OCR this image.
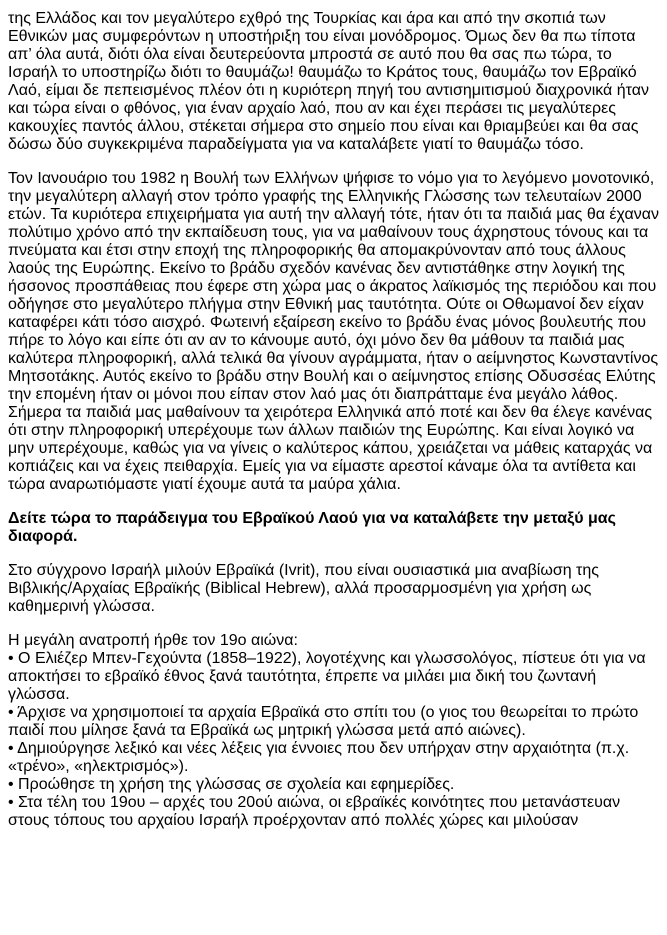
της Ελλάδος και τον μεγαλύτερο εχθρό της Τουρκίας και άρα και από την σκοπιά των Εθνικών μας συμφερόντων η υποστήριξη του είναι μονόδρομος. Όμως δεν θα πω τίποτα απ’ όλα αυτά, διότι όλα είναι δευτερεύοντα μπροστά σε αυτό που θα σας πω τώρα, το Ισραήλ το υποστηρίζω διότι το θαυμάζω! θαυμάζω το Κράτος τους, θαυμάζω τον Εβραϊκό Λαό, είμαι δε πεπεισμένος πλέον ότι η κυριότερη πηγή του αντισημιτισμού διαχρονικά ήταν και τώρα είναι ο φθόνος, για έναν αρχαίο λαό, που αν και έχει περάσει τις μεγαλύτερες κακουχίες παντός άλλου, στέκεται σήμερα στο σημείο που είναι και θριαμβεύει και θα σας δώσω δύο συγκεκριμένα παραδείγματα για να καταλάβετε γιατί το θαυμάζω τόσο.

Τον Ιανουάριο του 1982 η Βουλή των Ελλήνων ψήφισε το νόμο για το λεγόμενο μονοτονικό, την μεγαλύτερη αλλαγή στον τρόπο γραφής της Ελληνικής Γλώσσης των τελευταίων 2000 ετών. Τα κυριότερα επιχειρήματα για αυτή την αλλαγή τότε, ήταν ότι τα παιδιά μας θα έχαναν πολύτιμο χρόνο από την εκπαίδευση τους, για να μαθαίνουν τους άχρηστους τόνους και τα πνεύματα και έτσι στην εποχή της πληροφορικής θα απομακρύνονταν από τους άλλους λαούς της Ευρώπης. Εκείνο το βράδυ σχεδόν κανένας δεν αντιστάθηκε στην λογική της ήσσονος προσπάθειας που έφερε στη χώρα μας ο άκρατος λαϊκισμός της περιόδου και που οδήγησε στο μεγαλύτερο πλήγμα στην Εθνική μας ταυτότητα. Ούτε οι Οθωμανοί δεν είχαν καταφέρει κάτι τόσο αισχρό. Φωτεινή εξαίρεση εκείνο το βράδυ ένας μόνος βουλευτής που πήρε το λόγο και είπε ότι αν αν το κάνουμε αυτό, όχι μόνο δεν θα μάθουν τα παιδιά μας καλύτερα πληροφορική, αλλά τελικά θα γίνουν αγράμματα, ήταν ο αείμνηστος Κωνσταντίνος Μητσοτάκης. Αυτός εκείνο το βράδυ στην Βουλή και ο αείμνηστος επίσης Οδυσσέας Ελύτης την επομένη ήταν οι μόνοι που είπαν στον λαό μας ότι διαπράτταμε ένα μεγάλο λάθος. Σήμερα τα παιδιά μας μαθαίνουν τα χειρότερα Ελληνικά από ποτέ και δεν θα έλεγε κανένας ότι στην πληροφορική υπερέχουμε των άλλων παιδιών της Ευρώπης. Και είναι λογικό να μην υπερέχουμε, καθώς για να γίνεις ο καλύτερος κάπου, χρειάζεται να μάθεις καταρχάς να κοπιάζεις και να έχεις πειθαρχία. Εμείς για να είμαστε αρεστοί κάναμε όλα τα αντίθετα και τώρα αναρωτιόμαστε γιατί έχουμε αυτά τα μαύρα χάλια.

Δείτε τώρα το παράδειγμα του Εβραϊκού Λαού για να καταλάβετε την μεταξύ μας διαφορά.

Στο σύγχρονο Ισραήλ μιλούν Εβραϊκά (Ivrit), που είναι ουσιαστικά μια αναβίωση της Βιβλικής/Αρχαίας Εβραϊκής (Biblical Hebrew), αλλά προσαρμοσμένη για χρήση ως καθημερινή γλώσσα.

Η μεγάλη ανατροπή ήρθε τον 19ο αιώνα:
• Ο Ελιέζερ Μπεν-Γεχούντα (1858–1922), λογοτέχνης και γλωσσολόγος, πίστευε ότι για να αποκτήσει το εβραϊκό έθνος ξανά ταυτότητα, έπρεπε να μιλάει μια δική του ζωντανή γλώσσα.
• Άρχισε να χρησιμοποιεί τα αρχαία Εβραϊκά στο σπίτι του (ο γιος του θεωρείται το πρώτο παιδί που μίλησε ξανά τα Εβραϊκά ως μητρική γλώσσα μετά από αιώνες).
• Δημιούργησε λεξικό και νέες λέξεις για έννοιες που δεν υπήρχαν στην αρχαιότητα (π.χ. «τρένο», «ηλεκτρισμός»).
• Προώθησε τη χρήση της γλώσσας σε σχολεία και εφημερίδες.
• Στα τέλη του 19ου – αρχές του 20ού αιώνα, οι εβραϊκές κοινότητες που μετανάστευαν στους τόπους του αρχαίου Ισραήλ προέρχονταν από πολλές χώρες και μιλούσαν
